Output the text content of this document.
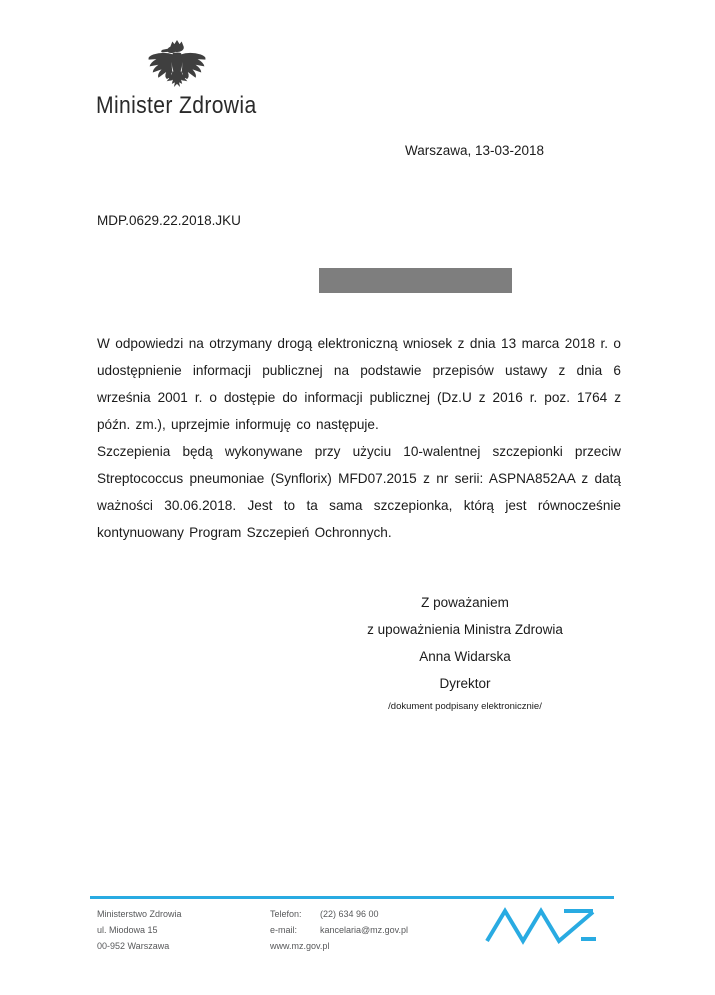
Minister Zdrowia
Warszawa, 13-03-2018
MDP.0629.22.2018.JKU

W odpowiedzi na otrzymany drogą elektroniczną wniosek z dnia 13 marca 2018 r. o udostępnienie informacji publicznej na podstawie przepisów ustawy z dnia 6 września 2001 r. o dostępie do informacji publicznej (Dz.U z 2016 r. poz. 1764 z późn. zm.), uprzejmie informuję co następuje.

Szczepienia będą wykonywane przy użyciu 10-walentnej szczepionki przeciw Streptococcus pneumoniae (Synflorix) MFD07.2015 z nr serii: ASPNA852AA z datą ważności 30.06.2018. Jest to ta sama szczepionka, którą jest równocześnie kontynuowany Program Szczepień Ochronnych.

Z poważaniem
z upoważnienia Ministra Zdrowia
Anna Widarska
Dyrektor
/dokument podpisany elektronicznie/
Ministerstwo Zdrowia
ul. Miodowa 15
00-952 Warszawa
Telefon: (22) 634 96 00
e-mail:	kancelaria@mz.gov.pl
www.mz.gov.pl
